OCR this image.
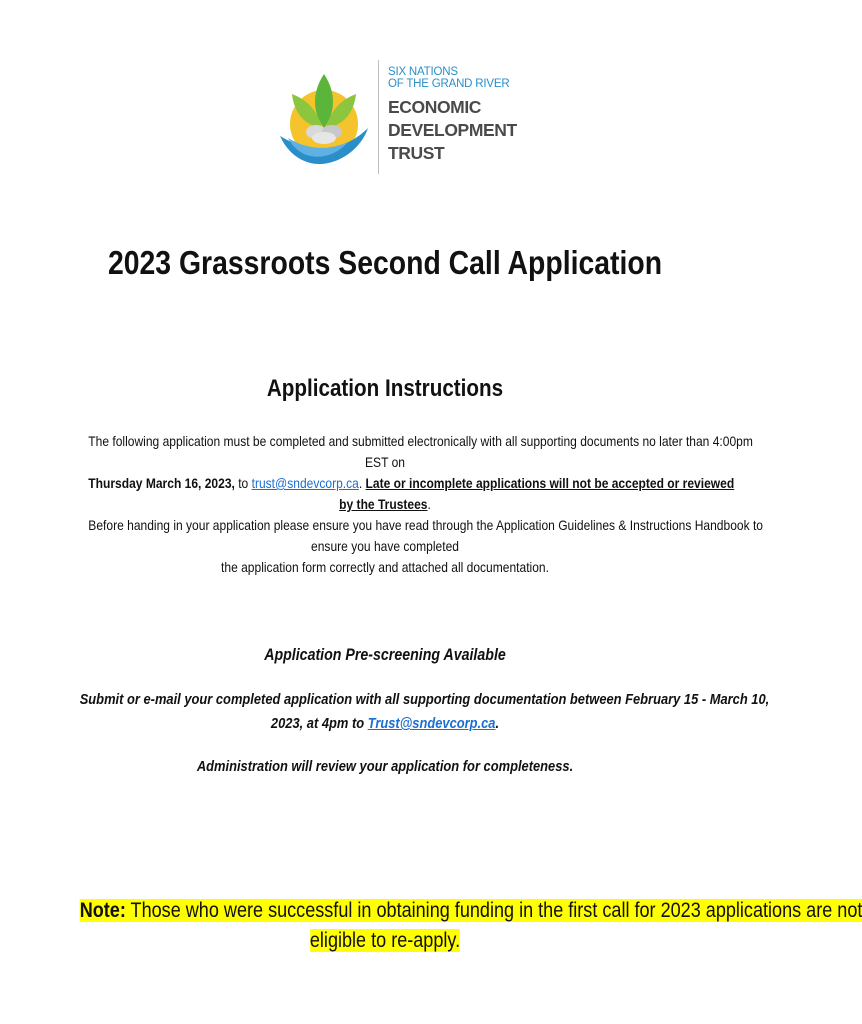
SIX NATIONS
OF THE GRAND RIVER
ECONOMIC
DEVELOPMENT
TRUST
2023 Grassroots Second Call Application
Application Instructions
The following application must be completed and submitted electronically with all supporting documents no later than 4:00pm
EST on
Thursday March 16, 2023, to trust@sndevcorp.ca. Late or incomplete applications will not be accepted or reviewed
by the Trustees.
Before handing in your application please ensure you have read through the Application Guidelines & Instructions Handbook to
ensure you have completed
the application form correctly and attached all documentation.
Application Pre-screening Available
Submit or e-mail your completed application with all supporting documentation between February 15 - March 10,
2023, at 4pm to Trust@sndevcorp.ca.
Administration will review your application for completeness.
Note: Those who were successful in obtaining funding in the first call for 2023 applications are not
eligible to re-apply.
